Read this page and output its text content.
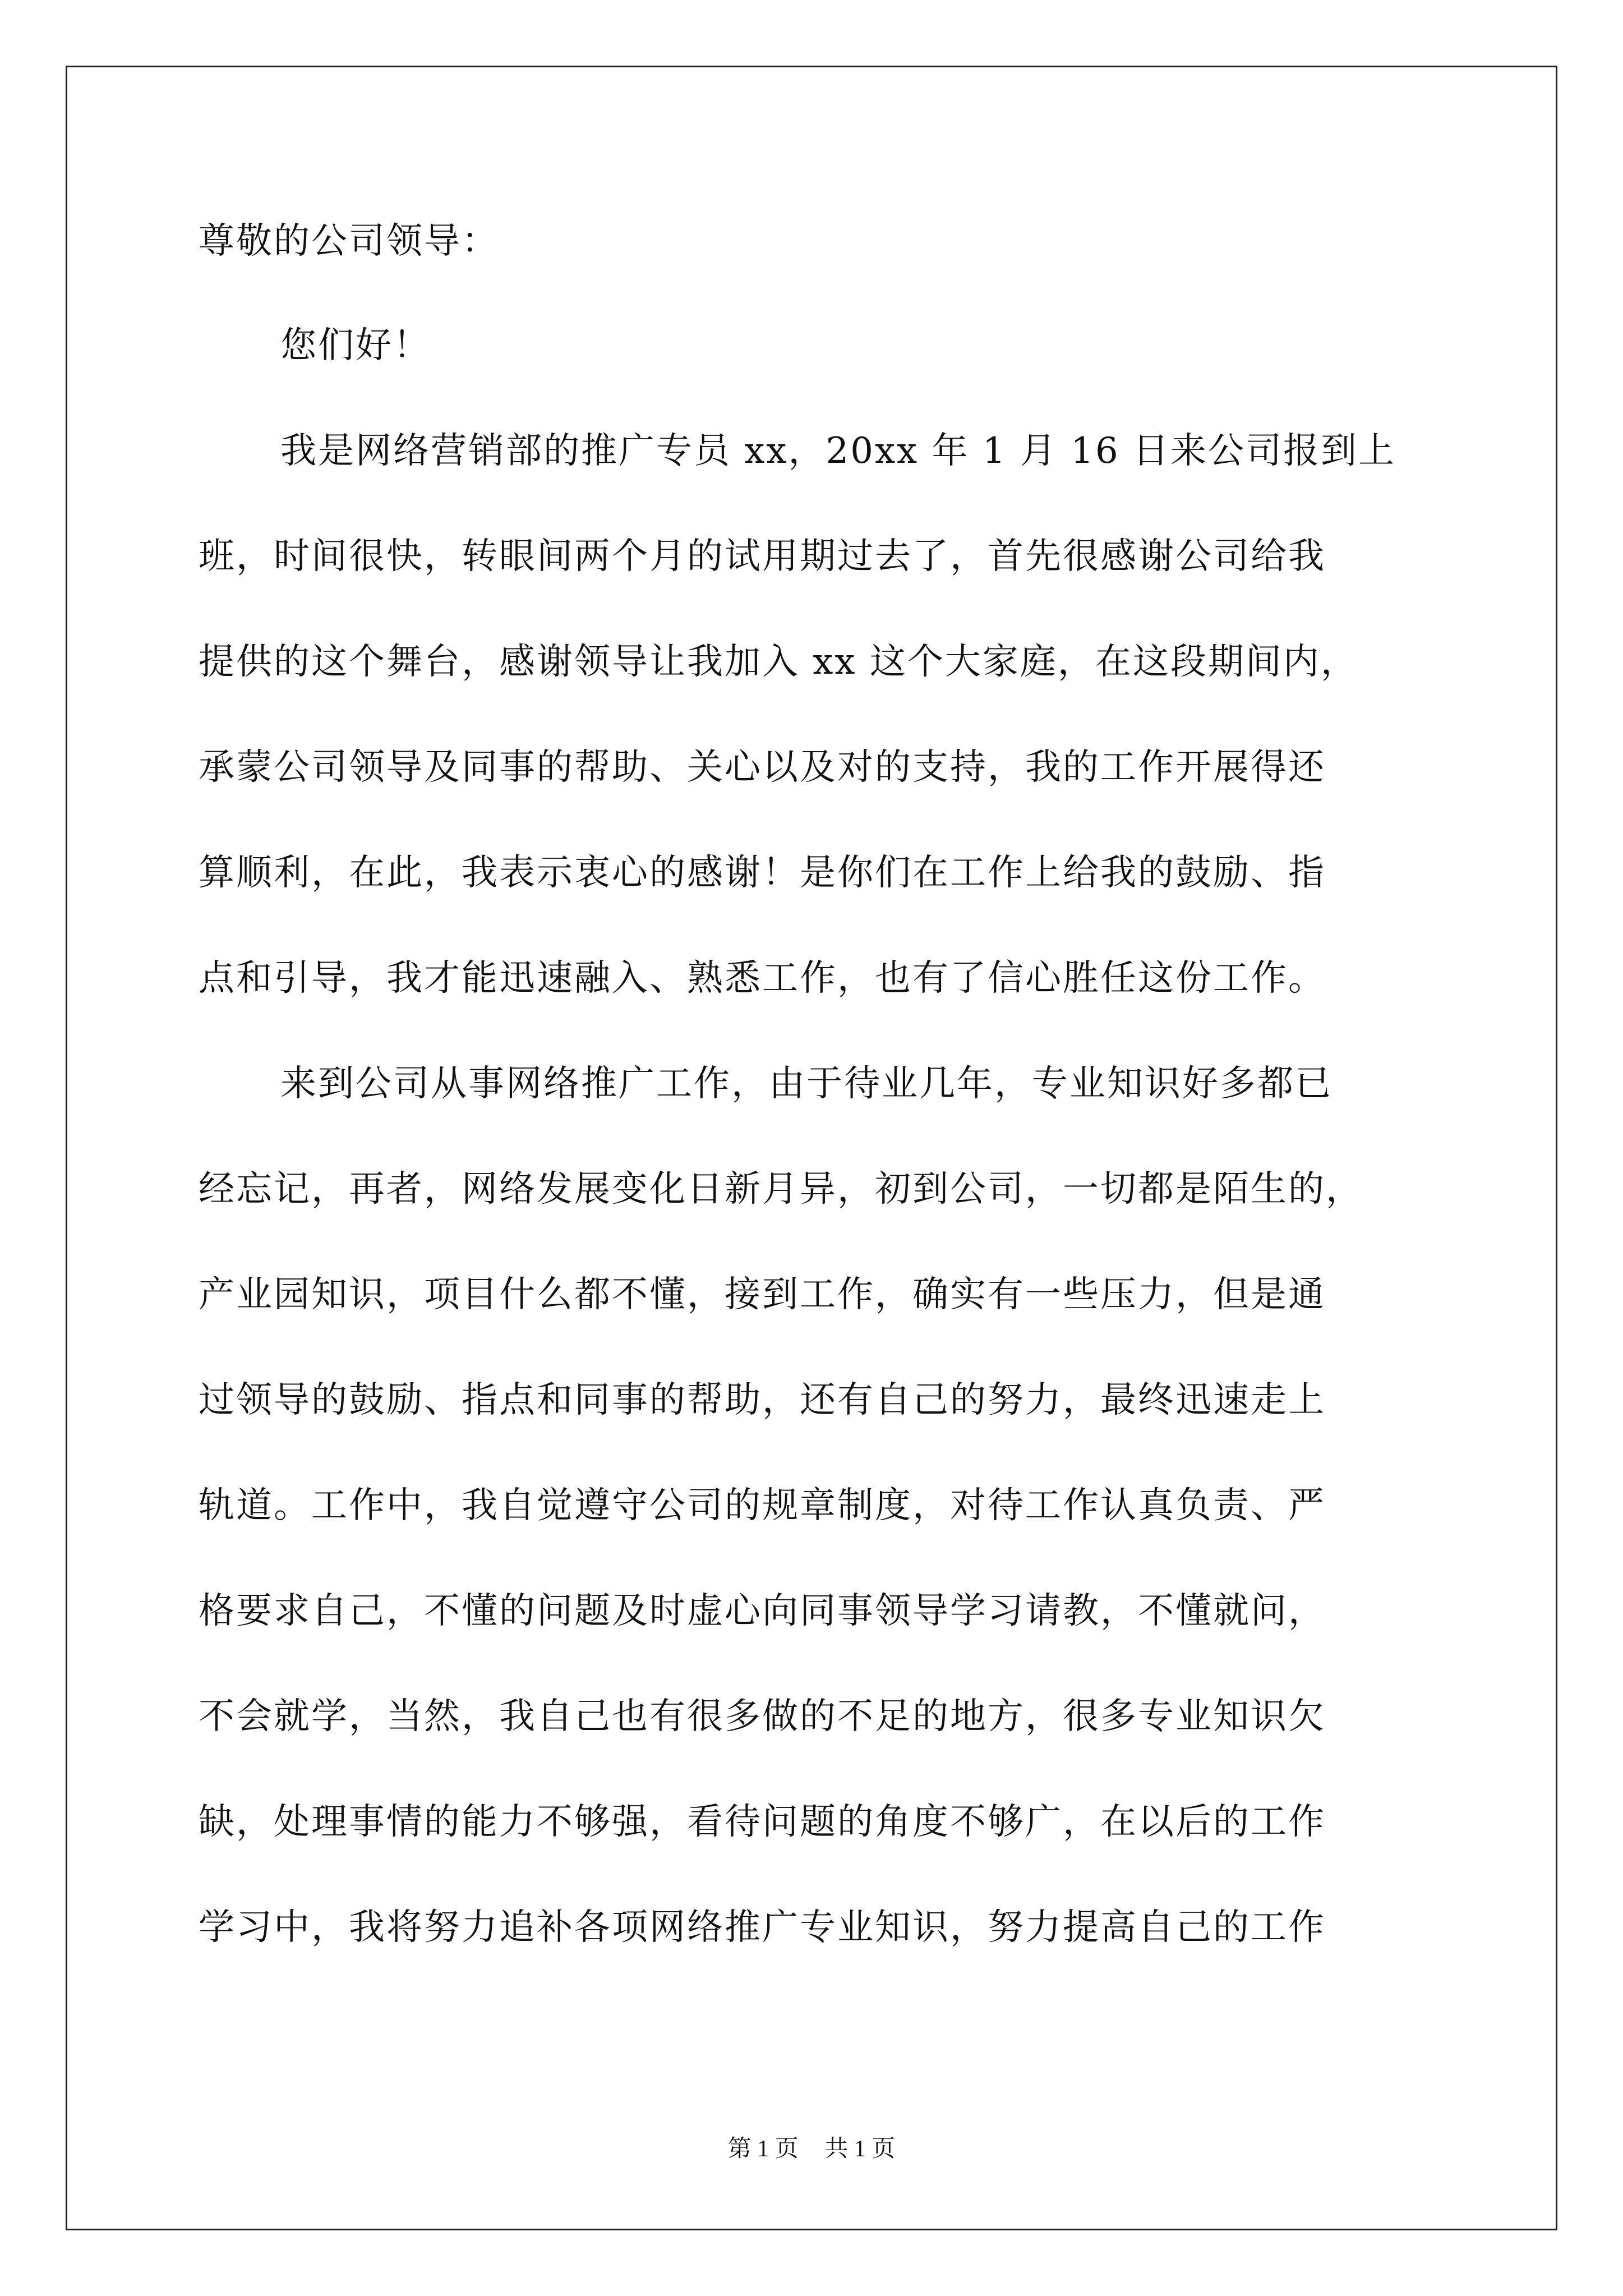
尊敬的公司领导：
您们好！
我是网络营销部的推广专员 xx，20xx 年 1 月 16 日来公司报到上
班，时间很快，转眼间两个月的试用期过去了，首先很感谢公司给我
提供的这个舞台，感谢领导让我加入 xx 这个大家庭，在这段期间内，
承蒙公司领导及同事的帮助、关心以及对的支持，我的工作开展得还
算顺利，在此，我表示衷心的感谢！是你们在工作上给我的鼓励、指
点和引导，我才能迅速融入、熟悉工作，也有了信心胜任这份工作。
来到公司从事网络推广工作，由于待业几年，专业知识好多都已
经忘记，再者，网络发展变化日新月异，初到公司，一切都是陌生的，
产业园知识，项目什么都不懂，接到工作，确实有一些压力，但是通
过领导的鼓励、指点和同事的帮助，还有自己的努力，最终迅速走上
轨道。工作中，我自觉遵守公司的规章制度，对待工作认真负责、严
格要求自己，不懂的问题及时虚心向同事领导学习请教，不懂就问，
不会就学，当然，我自己也有很多做的不足的地方，很多专业知识欠
缺，处理事情的能力不够强，看待问题的角度不够广，在以后的工作
学习中，我将努力追补各项网络推广专业知识，努力提高自己的工作
第 1 页 共 1 页
